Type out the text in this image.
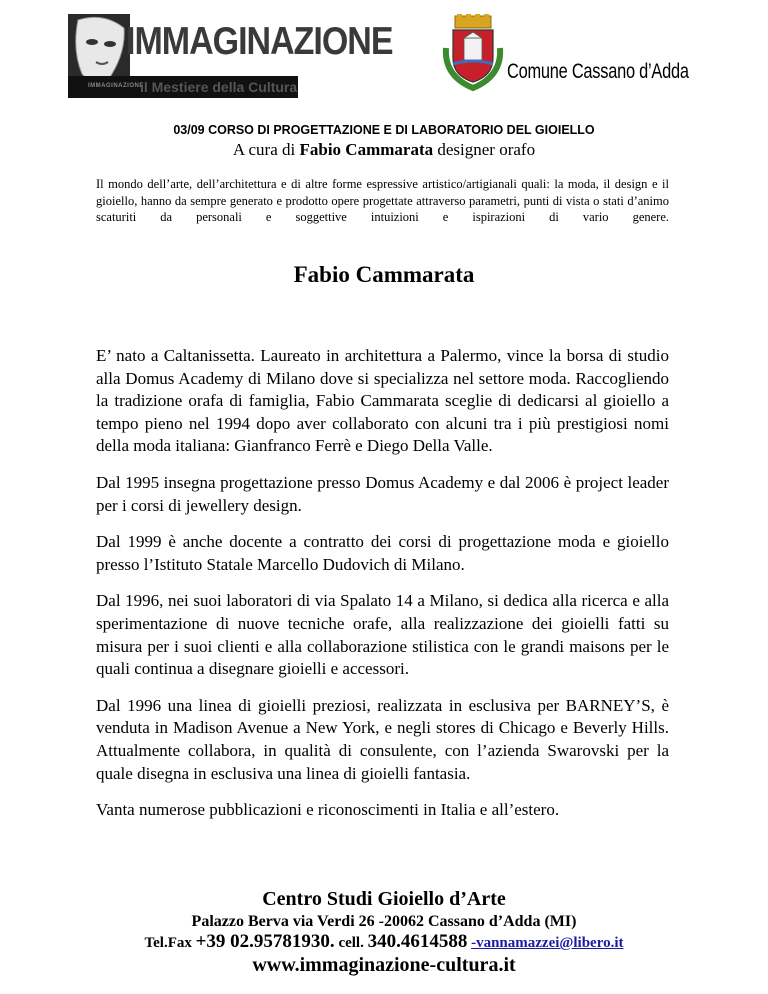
IMMAGINAZIONE
IMMAGINAZIONE
il Mestiere della Cultura
Comune Cassano d’Adda
03/09 CORSO DI PROGETTAZIONE E DI LABORATORIO DEL GIOIELLO
A cura di Fabio Cammarata designer orafo
Il mondo dell’arte, dell’architettura e di altre forme espressive artistico/artigianali quali: la moda, il design e il gioiello, hanno da sempre generato e prodotto opere progettate attraverso parametri, punti di vista o stati d’animo scaturiti da personali e soggettive intuizioni e ispirazioni di vario genere.
Fabio Cammarata

E’ nato a Caltanissetta. Laureato in architettura a Palermo, vince la borsa di studio alla Domus Academy di Milano dove si specializza nel settore moda. Raccogliendo la tradizione orafa di famiglia, Fabio Cammarata sceglie di dedicarsi al gioiello a tempo pieno nel 1994 dopo aver collaborato con alcuni tra i più prestigiosi nomi della moda italiana: Gianfranco Ferrè e Diego Della Valle.

Dal 1995 insegna progettazione presso Domus Academy e dal 2006 è project leader per i corsi di jewellery design.

Dal 1999 è anche docente a contratto dei corsi di progettazione moda e gioiello presso l’Istituto Statale Marcello Dudovich di Milano.

Dal 1996, nei suoi laboratori di via Spalato 14 a Milano, si dedica alla ricerca e alla sperimentazione di nuove tecniche orafe, alla realizzazione dei gioielli fatti su misura per i suoi clienti e alla collaborazione stilistica con le grandi maisons per le quali continua a disegnare gioielli e accessori.

Dal 1996 una linea di gioielli preziosi, realizzata in esclusiva per BARNEY’S, è venduta in Madison Avenue a New York, e negli stores di Chicago e Beverly Hills. Attualmente collabora, in qualità di consulente, con l’azienda Swarovski per la quale disegna in esclusiva una linea di gioielli fantasia.

Vanta numerose pubblicazioni e riconoscimenti in Italia e all’estero.

Centro Studi Gioiello d’Arte
Palazzo Berva via Verdi 26 -20062 Cassano d’Adda (MI)
Tel.Fax +39 02.95781930. cell. 340.4614588 -vannamazzei@libero.it
www.immaginazione-cultura.it
